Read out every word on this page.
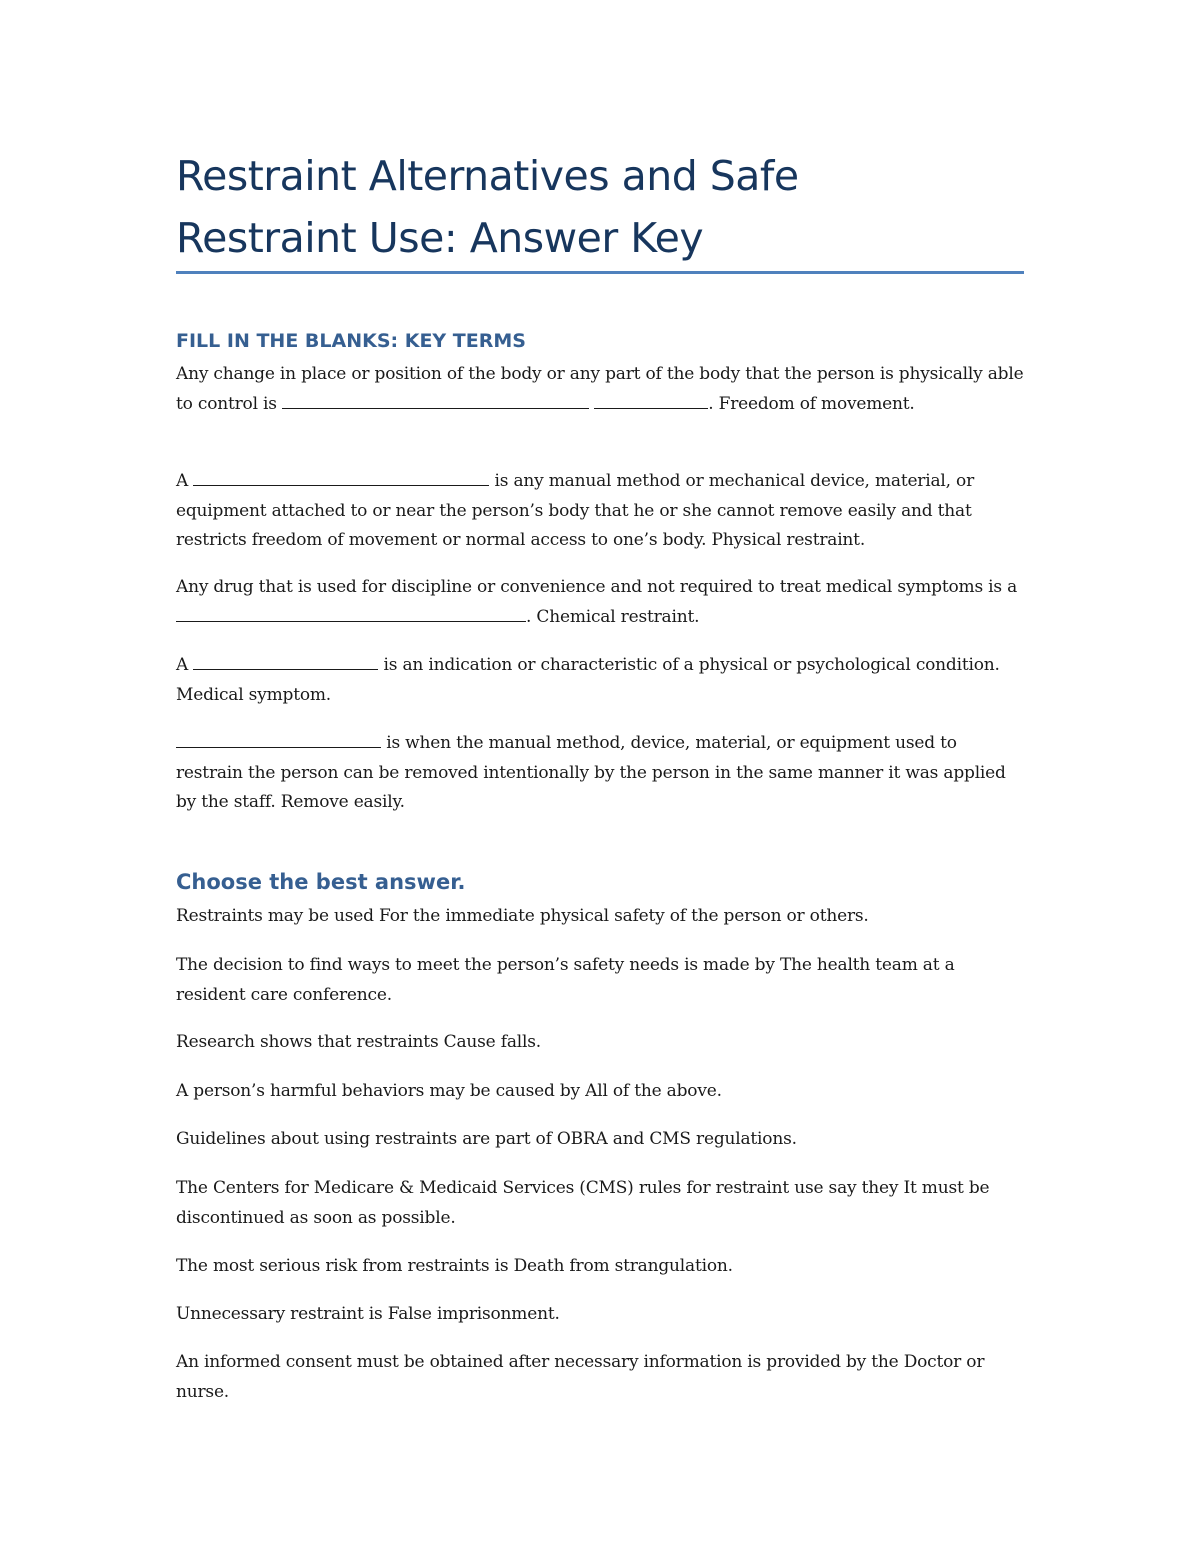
Restraint Alternatives and Safe
Restraint Use: Answer Key
FILL IN THE BLANKS: KEY TERMS

Any change in place or position of the body or any part of the body that the person is physically able to control is	. Freedom of movement.

A	is any manual method or mechanical device, material, or equipment attached to or near the person’s body that he or she cannot remove easily and that restricts freedom of movement or normal access to one’s body. Physical restraint.

Any drug that is used for discipline or convenience and not required to treat medical symptoms is a . Chemical restraint.

A	is an indication or characteristic of a physical or psychological condition. Medical symptom.

is when the manual method, device, material, or equipment used to restrain the person can be removed intentionally by the person in the same manner it was applied by the staff. Remove easily.

Choose the best answer.

Restraints may be used For the immediate physical safety of the person or others.

The decision to find ways to meet the person’s safety needs is made by The health team at a resident care conference.

Research shows that restraints Cause falls.

A person’s harmful behaviors may be caused by All of the above.

Guidelines about using restraints are part of OBRA and CMS regulations.

The Centers for Medicare & Medicaid Services (CMS) rules for restraint use say they It must be discontinued as soon as possible.

The most serious risk from restraints is Death from strangulation.

Unnecessary restraint is False imprisonment.

An informed consent must be obtained after necessary information is provided by the Doctor or nurse.
